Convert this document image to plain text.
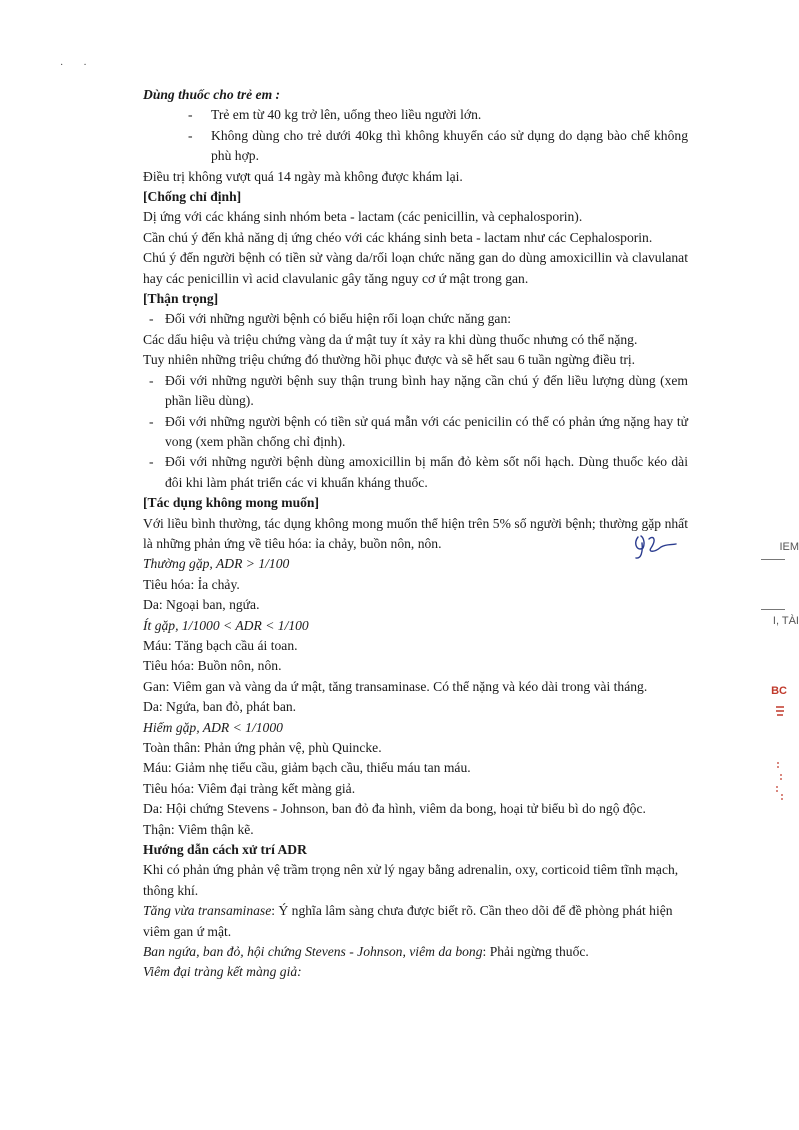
·        ·

Dùng thuốc cho trẻ em :

- Trẻ em từ 40 kg trở lên, uống theo liều người lớn.
- Không dùng cho trẻ dưới 40kg thì không khuyến cáo sử dụng do dạng bào chế không phù hợp.

Điều trị không vượt quá 14 ngày mà không được khám lại.

[Chống chỉ định]

Dị ứng với các kháng sinh nhóm beta - lactam (các penicillin, và cephalosporin).

Cần chú ý đến khả năng dị ứng chéo với các kháng sinh beta - lactam như các Cephalosporin.

Chú ý đến người bệnh có tiền sử vàng da/rối loạn chức năng gan do dùng amoxicillin và clavulanat hay các penicillin vì acid clavulanic gây tăng nguy cơ ứ mật trong gan.

[Thận trọng]

- Đối với những người bệnh có biểu hiện rối loạn chức năng gan:

Các dấu hiệu và triệu chứng vàng da ứ mật tuy ít xảy ra khi dùng thuốc nhưng có thể nặng.

Tuy nhiên những triệu chứng đó thường hồi phục được và sẽ hết sau 6 tuần ngừng điều trị.

- Đối với những người bệnh suy thận trung bình hay nặng cần chú ý đến liều lượng dùng (xem phần liều dùng).
- Đối với những người bệnh có tiền sử quá mẫn với các penicilin có thể có phản ứng nặng hay tử vong (xem phần chống chỉ định).
- Đối với những người bệnh dùng amoxicillin bị mẩn đỏ kèm sốt nổi hạch. Dùng thuốc kéo dài đôi khi làm phát triển các vi khuẩn kháng thuốc.

[Tác dụng không mong muốn]

Với liều bình thường, tác dụng không mong muốn thể hiện trên 5% số người bệnh; thường gặp nhất là những phản ứng về tiêu hóa: ỉa chảy, buồn nôn, nôn.

Thường gặp, ADR > 1/100

Tiêu hóa: Ỉa chảy.

Da: Ngoại ban, ngứa.

Ít gặp, 1/1000 < ADR < 1/100

Máu: Tăng bạch cầu ái toan.

Tiêu hóa: Buồn nôn, nôn.

Gan: Viêm gan và vàng da ứ mật, tăng transaminase. Có thể nặng và kéo dài trong vài tháng.

Da: Ngứa, ban đỏ, phát ban.

Hiếm gặp, ADR < 1/1000

Toàn thân: Phản ứng phản vệ, phù Quincke.

Máu: Giảm nhẹ tiểu cầu, giảm bạch cầu, thiếu máu tan máu.

Tiêu hóa: Viêm đại tràng kết màng giả.

Da: Hội chứng Stevens - Johnson, ban đỏ đa hình, viêm da bong, hoại tử biểu bì do ngộ độc.

Thận: Viêm thận kẽ.

Hướng dẫn cách xử trí ADR

Khi có phản ứng phản vệ trầm trọng nên xử lý ngay bằng adrenalin, oxy, corticoid tiêm tĩnh mạch, thông khí.

Tăng vừa transaminase: Ý nghĩa lâm sàng chưa được biết rõ. Cần theo dõi để đề phòng phát hiện viêm gan ứ mật.

Ban ngứa, ban đỏ, hội chứng Stevens - Johnson, viêm da bong: Phải ngừng thuốc.

Viêm đại tràng kết màng giả:

IEM
I, TÀI
BC
